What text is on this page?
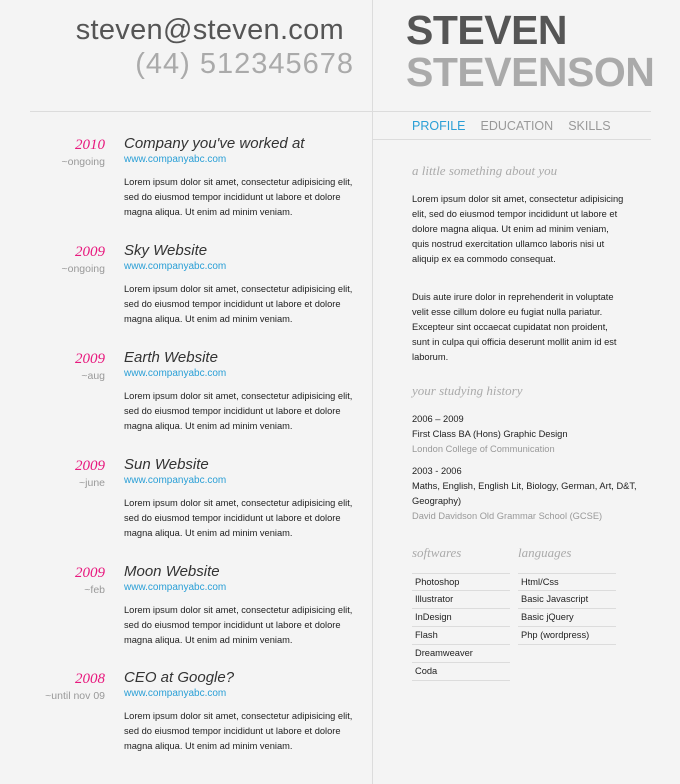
steven@steven.com
(44) 512345678
STEVEN
STEVENSON
PROFILE EDUCATION SKILLS
2010
~ongoing
Company you've worked at
www.companyabc.com
Lorem ipsum dolor sit amet, consectetur adipisicing elit, sed do eiusmod tempor incididunt ut labore et dolore magna aliqua. Ut enim ad minim veniam.
2009
~ongoing
Sky Website
www.companyabc.com
Lorem ipsum dolor sit amet, consectetur adipisicing elit, sed do eiusmod tempor incididunt ut labore et dolore magna aliqua. Ut enim ad minim veniam.
2009
~aug
Earth Website
www.companyabc.com
Lorem ipsum dolor sit amet, consectetur adipisicing elit, sed do eiusmod tempor incididunt ut labore et dolore magna aliqua. Ut enim ad minim veniam.
2009
~june
Sun Website
www.companyabc.com
Lorem ipsum dolor sit amet, consectetur adipisicing elit, sed do eiusmod tempor incididunt ut labore et dolore magna aliqua. Ut enim ad minim veniam.
2009
~feb
Moon Website
www.companyabc.com
Lorem ipsum dolor sit amet, consectetur adipisicing elit, sed do eiusmod tempor incididunt ut labore et dolore magna aliqua. Ut enim ad minim veniam.
2008
~until nov 09
CEO at Google?
www.companyabc.com
Lorem ipsum dolor sit amet, consectetur adipisicing elit, sed do eiusmod tempor incididunt ut labore et dolore magna aliqua. Ut enim ad minim veniam.
a little something about you
Lorem ipsum dolor sit amet, consectetur adipisicing elit, sed do eiusmod tempor incididunt ut labore et dolore magna aliqua. Ut enim ad minim veniam, quis nostrud exercitation ullamco laboris nisi ut aliquip ex ea commodo consequat.
Duis aute irure dolor in reprehenderit in voluptate velit esse cillum dolore eu fugiat nulla pariatur. Excepteur sint occaecat cupidatat non proident, sunt in culpa qui officia deserunt mollit anim id est laborum.
your studying history
2006 – 2009
First Class BA (Hons) Graphic Design
London College of Communication
2003 - 2006
Maths, English, English Lit, Biology, German, Art, D&T, Geography)
David Davidson Old Grammar School (GCSE)
softwares	languages
Photoshop
Illustrator
InDesign
Flash
Dreamweaver
Coda
Html/Css
Basic Javascript
Basic jQuery
Php (wordpress)
